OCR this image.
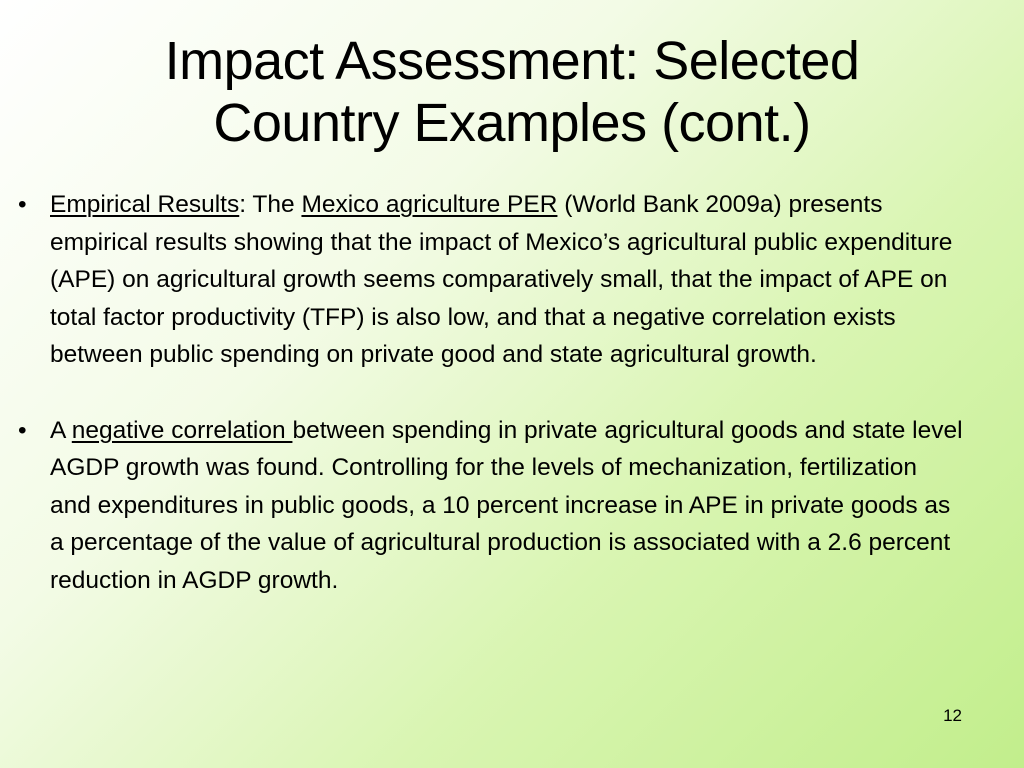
Impact Assessment: Selected
Country Examples (cont.)
• Empirical Results: The Mexico agriculture PER (World Bank 2009a) presents empirical results showing that the impact of Mexico’s agricultural public expenditure (APE) on agricultural growth seems comparatively small, that the impact of APE on total factor productivity (TFP) is also low, and that a negative correlation exists between public spending on private good and state agricultural growth.
• A negative correlation between spending in private agricultural goods and state level AGDP growth was found. Controlling for the levels of mechanization, fertilization and expenditures in public goods, a 10 percent increase in APE in private goods as a percentage of the value of agricultural production is associated with a 2.6 percent reduction in AGDP growth.
12
